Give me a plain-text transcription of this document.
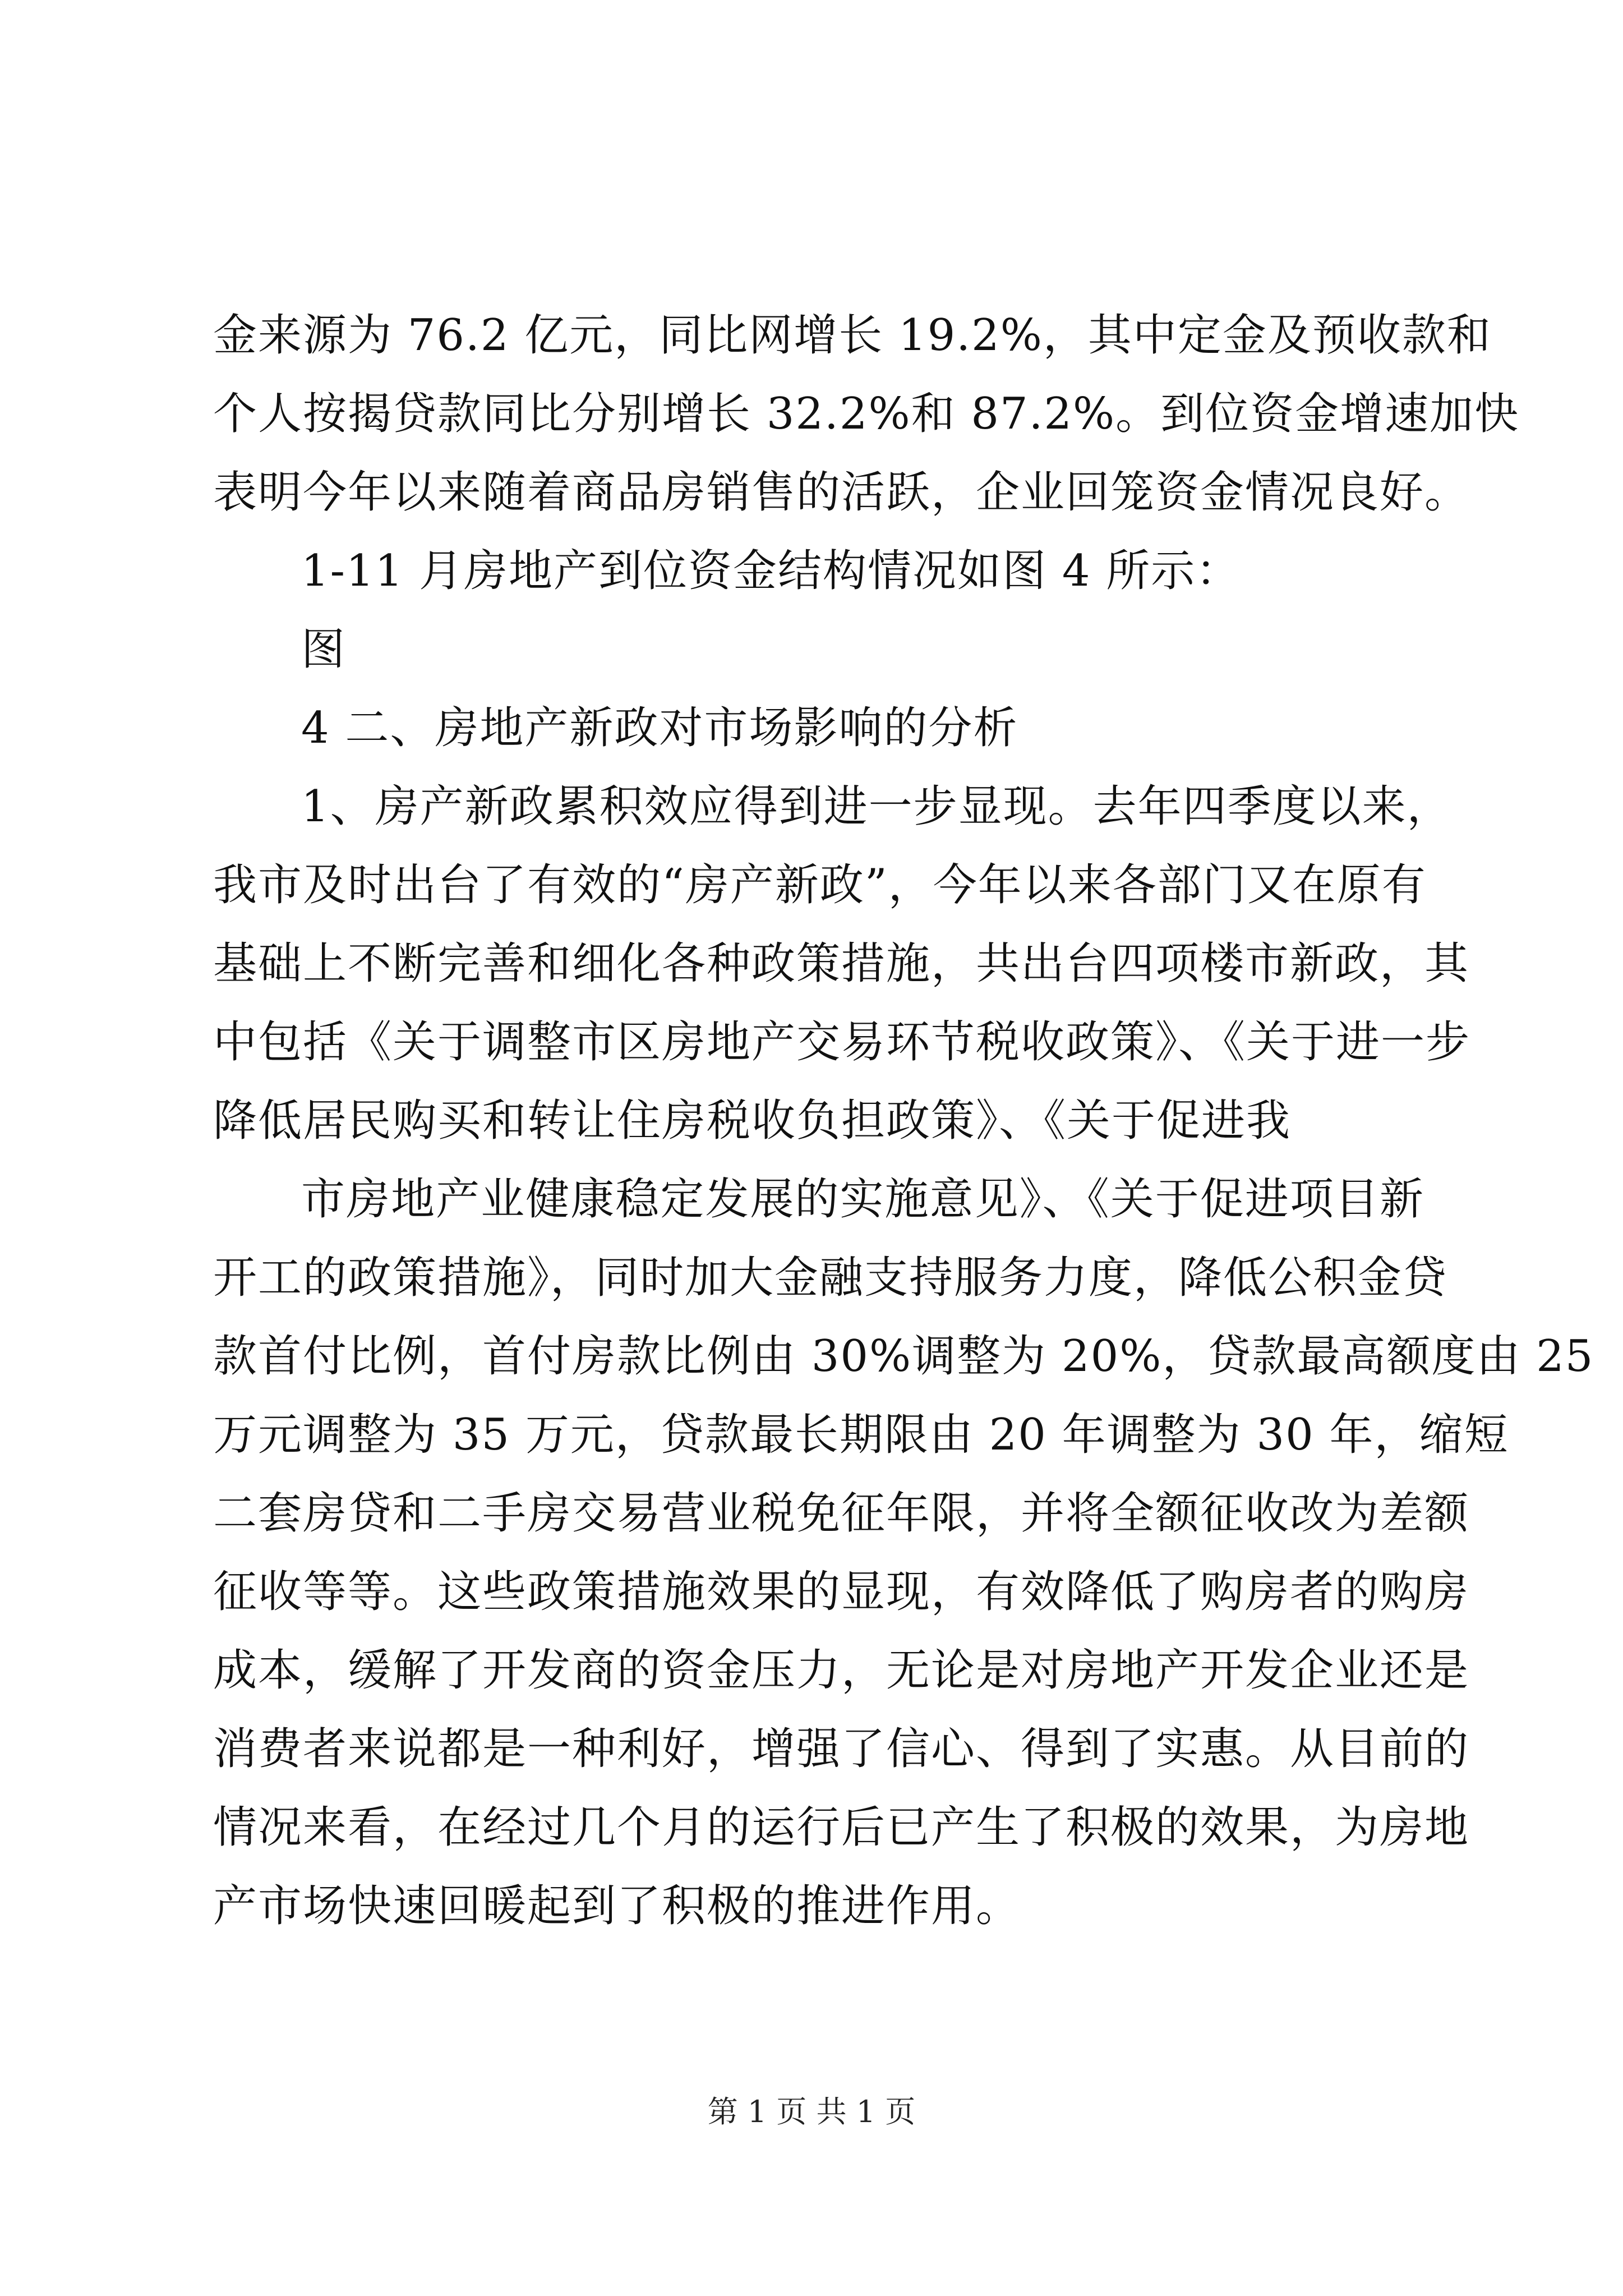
金来源为 76.2 亿元，同比网增长 19.2%，其中定金及预收款和
个人按揭贷款同比分别增长 32.2%和 87.2%。到位资金增速加快
表明今年以来随着商品房销售的活跃，企业回笼资金情况良好。
1-11 月房地产到位资金结构情况如图 4 所示：
图
4 二、房地产新政对市场影响的分析
1、房产新政累积效应得到进一步显现。去年四季度以来，
我市及时出台了有效的“房产新政”，今年以来各部门又在原有
基础上不断完善和细化各种政策措施，共出台四项楼市新政，其
中包括《关于调整市区房地产交易环节税收政策》、《关于进一步
降低居民购买和转让住房税收负担政策》、《关于促进我
市房地产业健康稳定发展的实施意见》、《关于促进项目新
开工的政策措施》，同时加大金融支持服务力度，降低公积金贷
款首付比例，首付房款比例由 30%调整为 20%，贷款最高额度由 25
万元调整为 35 万元，贷款最长期限由 20 年调整为 30 年，缩短
二套房贷和二手房交易营业税免征年限，并将全额征收改为差额
征收等等。这些政策措施效果的显现，有效降低了购房者的购房
成本，缓解了开发商的资金压力，无论是对房地产开发企业还是
消费者来说都是一种利好，增强了信心、得到了实惠。从目前的
情况来看，在经过几个月的运行后已产生了积极的效果，为房地
产市场快速回暖起到了积极的推进作用。
第 1 页 共 1 页
